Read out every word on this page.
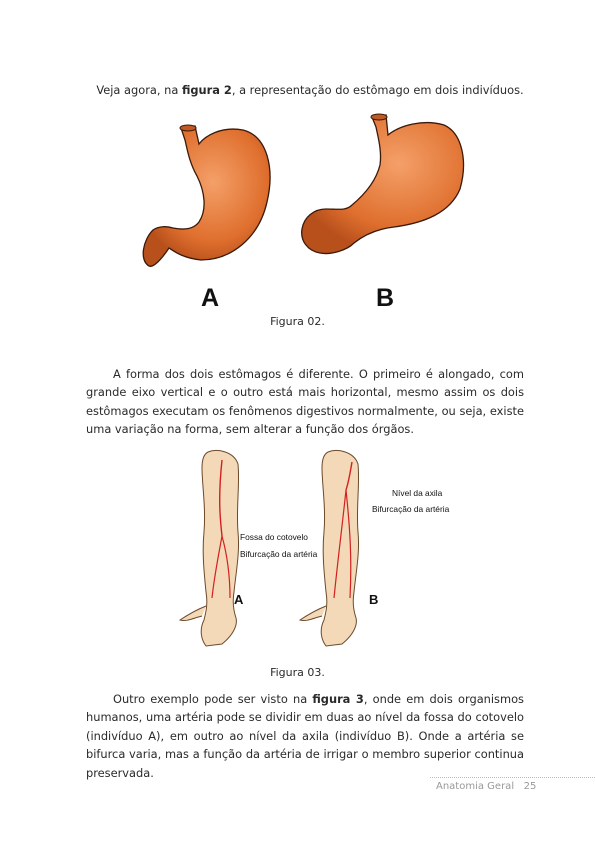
Veja agora, na figura 2, a representação do estômago em dois indivíduos.
A	B
Figura 02.
A forma dos dois estômagos é diferente. O primeiro é alongado, com grande eixo vertical e o outro está mais horizontal, mesmo assim os dois estômagos executam os fenômenos digestivos normalmente, ou seja, existe uma variação na forma, sem alterar a função dos órgãos.
Fossa do cotovelo
Bifurcação da artéria
A
Nível da axila
Bifurcação da artéria
B
Figura 03.
Outro exemplo pode ser visto na figura 3, onde em dois organismos humanos, uma artéria pode se dividir em duas ao nível da fossa do cotovelo (indivíduo A), em outro ao nível da axila (indivíduo B). Onde a artéria se bifurca varia, mas a função da artéria de irrigar o membro superior continua preservada.
Anatomia Geral 25
